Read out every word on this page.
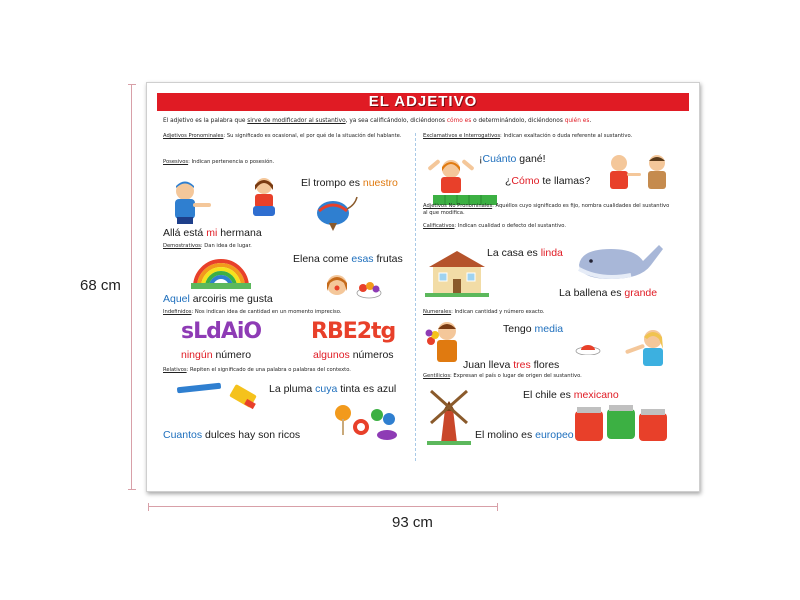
68 cm
93 cm
EL ADJETIVO
El adjetivo es la palabra que sirve de modificador al sustantivo, ya sea calificándolo, diciéndonos cómo es o determinándolo, diciéndonos quién es.
Adjetivos Pronominales: Su significado es ocasional, el por qué de la situación del hablante.
Posesivos: Indican pertenencia o posesión.
El trompo es nuestro
Allá está mi hermana
Demostrativos: Dan idea de lugar.
Elena come esas frutas
Aquel arcoiris me gusta
Indefinidos: Nos indican idea de cantidad en un momento impreciso.
sLdAiO RBE2tg
ningún número	algunos números
Relativos: Repiten el significado de una palabra o palabras del contexto.
La pluma cuya tinta es azul
Cuantos dulces hay son ricos
Exclamativos e Interrogativos: Indican exaltación o duda referente al sustantivo.
¡Cuánto gané!
¿Cómo te llamas?
Adjetivos No Pronominales: Aquéllos cuyo significado es fijo, nombra cualidades del sustantivo al que modifica.
Calificativos: Indican cualidad o defecto del sustantivo.
La casa es linda
La ballena es grande
Numerales: Indican cantidad y número exacto.
Tengo media
Juan lleva tres flores
Gentilicios: Expresan el país o lugar de origen del sustantivo.
El chile es mexicano
El molino es europeo
